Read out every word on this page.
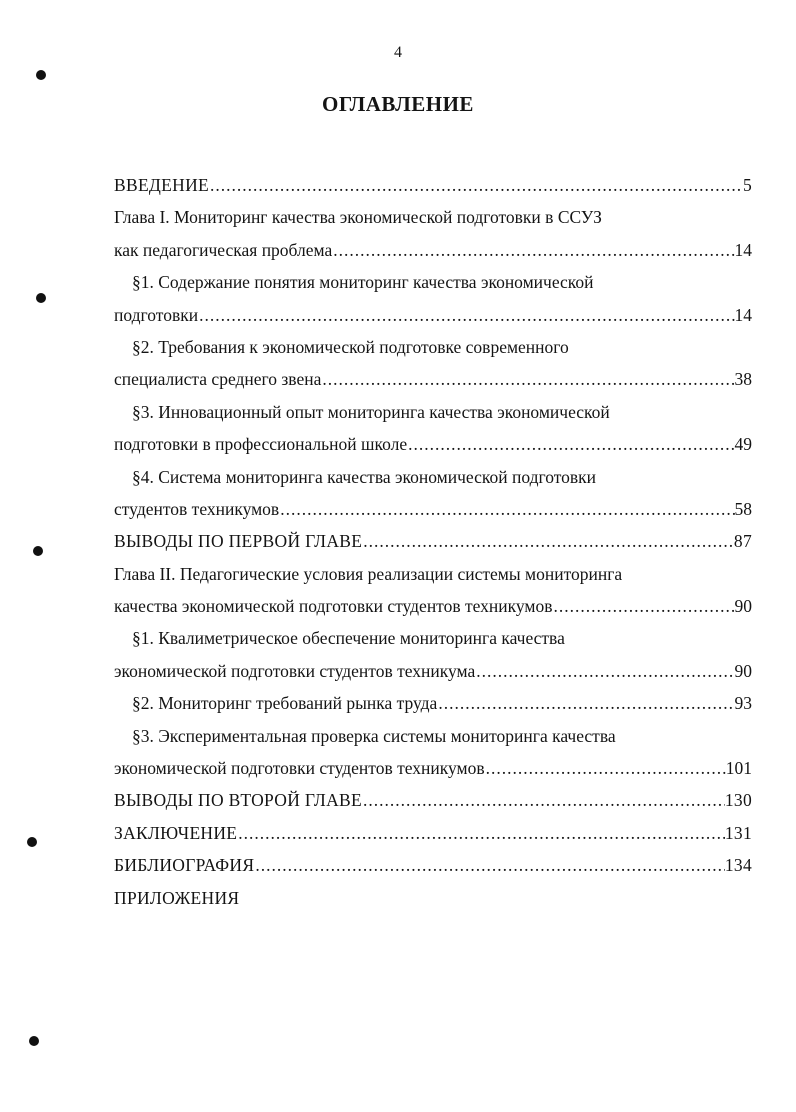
4
ОГЛАВЛЕНИЕ
ВВЕДЕНИЕ .....	5
Глава I. Мониторинг качества экономической подготовки в ССУЗ
как педагогическая проблема .....	14
§1. Содержание понятия мониторинг качества экономической
подготовки .....	14
§2. Требования к экономической подготовке современного
специалиста среднего звена .....	38
§3. Инновационный опыт мониторинга качества экономической
подготовки в профессиональной школе .....	49
§4. Система мониторинга качества экономической подготовки
студентов техникумов .....	58
ВЫВОДЫ ПО ПЕРВОЙ ГЛАВЕ .....	87
Глава II. Педагогические условия реализации системы мониторинга
качества экономической подготовки студентов техникумов .....	90
§1. Квалиметрическое обеспечение мониторинга качества
экономической подготовки студентов техникума .....	90
§2. Мониторинг требований рынка труда .....	93
§3. Экспериментальная проверка системы мониторинга качества
экономической подготовки студентов техникумов .....	101
ВЫВОДЫ ПО ВТОРОЙ ГЛАВЕ .....	130
ЗАКЛЮЧЕНИЕ .....	131
БИБЛИОГРАФИЯ .....	134
ПРИЛОЖЕНИЯ
